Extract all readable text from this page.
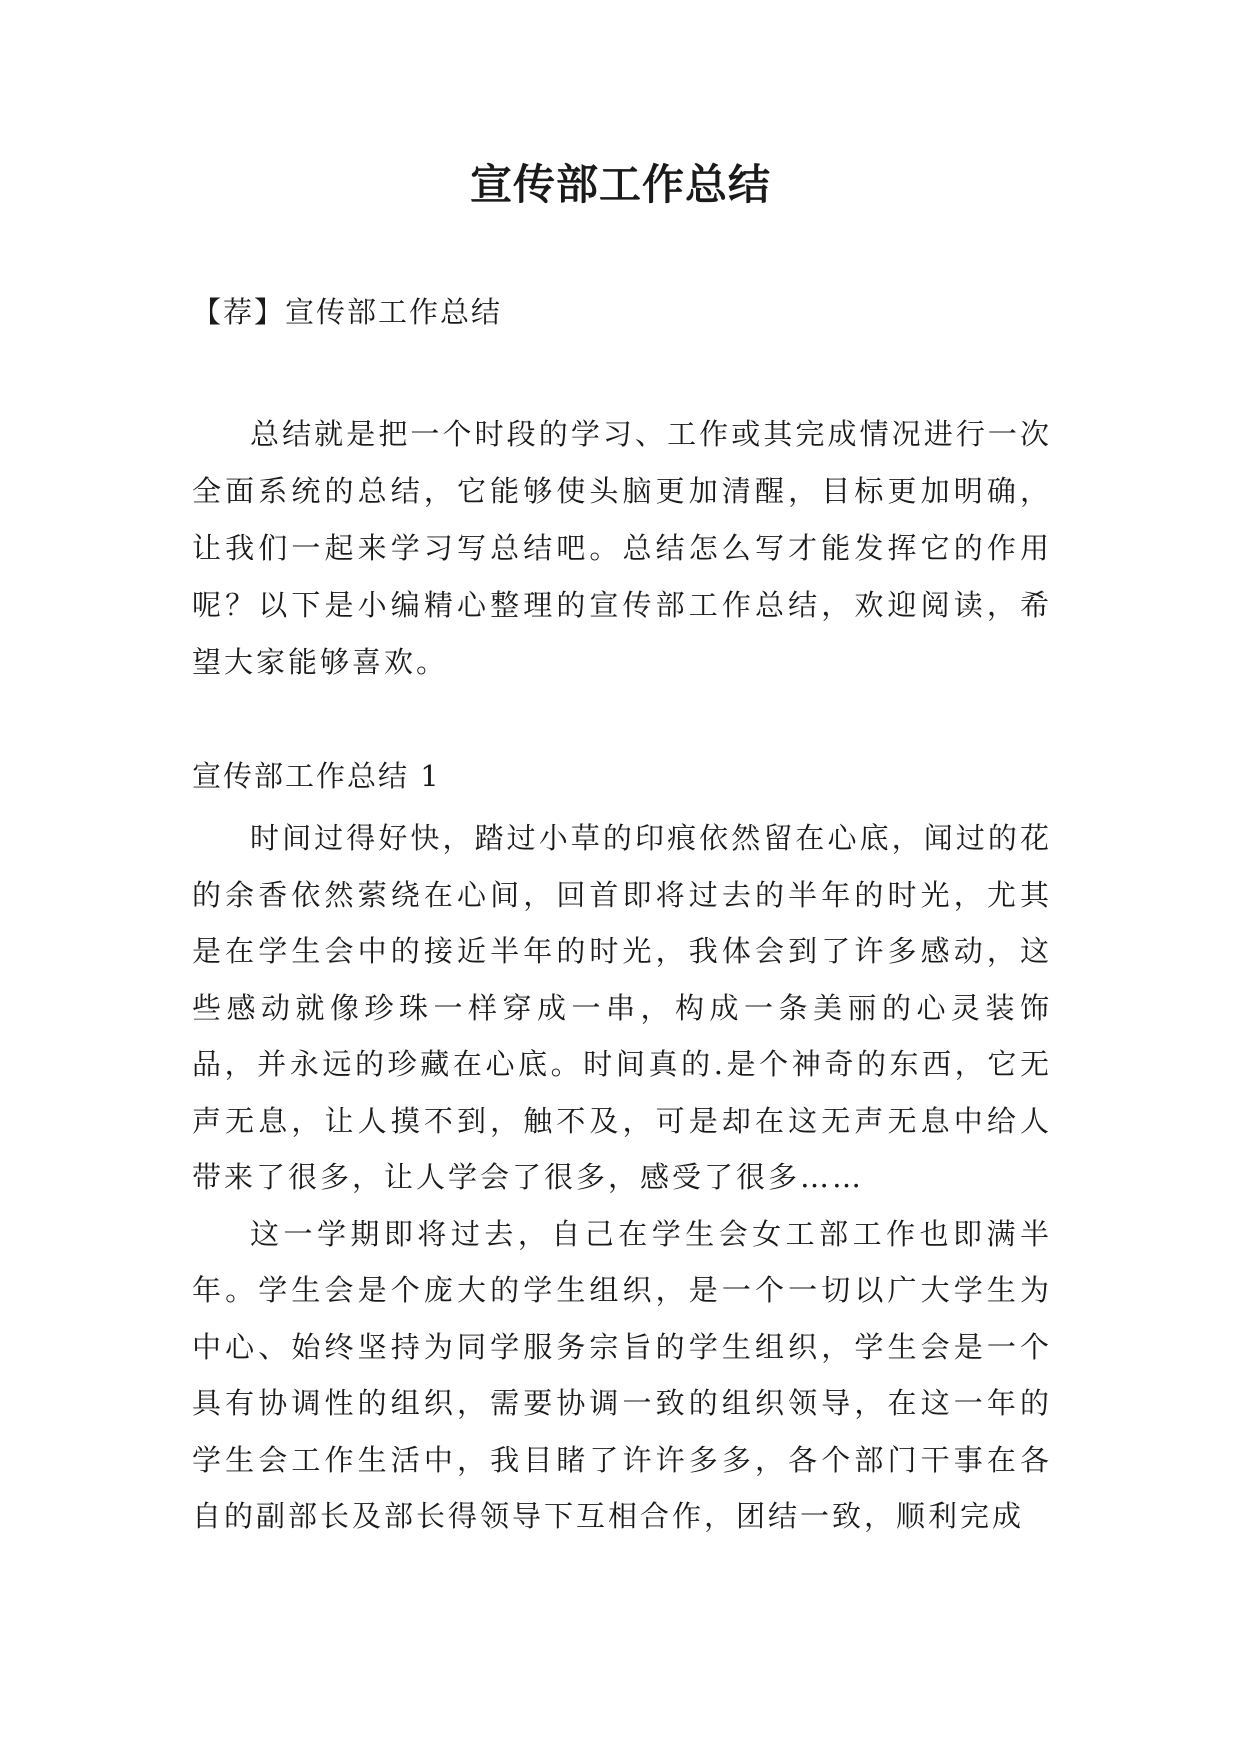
宣传部工作总结
【荐】宣传部工作总结

总结就是把一个时段的学习、工作或其完成情况进行一次全面系统的总结，它能够使头脑更加清醒，目标更加明确，让我们一起来学习写总结吧。总结怎么写才能发挥它的作用呢？以下是小编精心整理的宣传部工作总结，欢迎阅读，希望大家能够喜欢。

宣传部工作总结 1

时间过得好快，踏过小草的印痕依然留在心底，闻过的花的余香依然萦绕在心间，回首即将过去的半年的时光，尤其是在学生会中的接近半年的时光，我体会到了许多感动，这些感动就像珍珠一样穿成一串，构成一条美丽的心灵装饰品，并永远的珍藏在心底。时间真的.是个神奇的东西，它无声无息，让人摸不到，触不及，可是却在这无声无息中给人带来了很多，让人学会了很多，感受了很多……

这一学期即将过去，自己在学生会女工部工作也即满半年。学生会是个庞大的学生组织，是一个一切以广大学生为中心、始终坚持为同学服务宗旨的学生组织，学生会是一个具有协调性的组织，需要协调一致的组织领导，在这一年的学生会工作生活中，我目睹了许许多多，各个部门干事在各自的副部长及部长得领导下互相合作，团结一致，顺利完成
